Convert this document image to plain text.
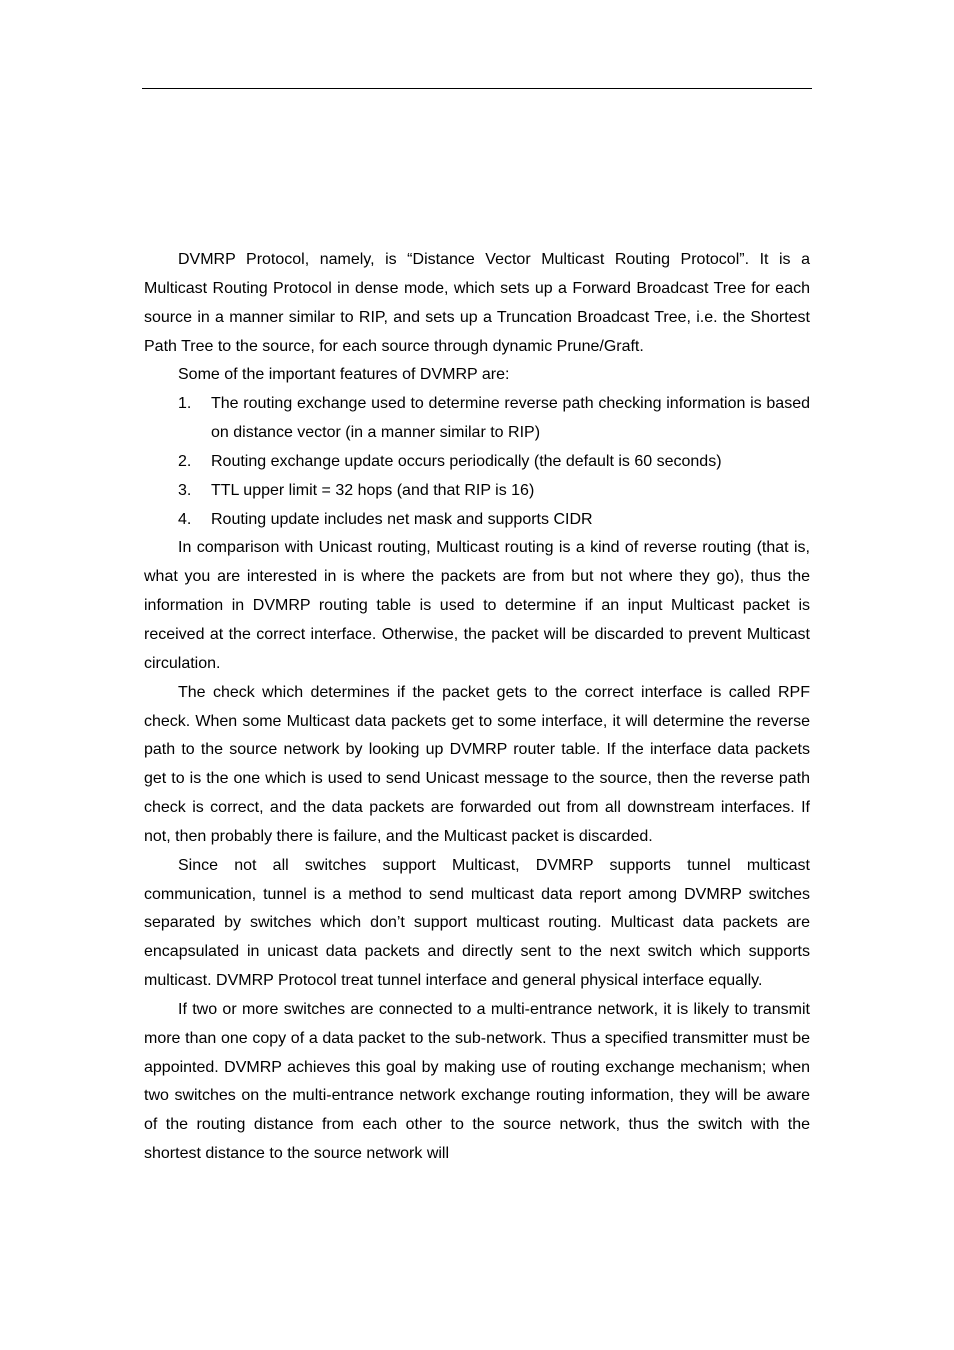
DVMRP Protocol, namely, is “Distance Vector Multicast Routing Protocol”. It is a Multicast Routing Protocol in dense mode, which sets up a Forward Broadcast Tree for each source in a manner similar to RIP, and sets up a Truncation Broadcast Tree, i.e. the Shortest Path Tree to the source, for each source through dynamic Prune/Graft.

Some of the important features of DVMRP are:

1. The routing exchange used to determine reverse path checking information is based on distance vector (in a manner similar to RIP)
2. Routing exchange update occurs periodically (the default is 60 seconds)
3. TTL upper limit = 32 hops (and that RIP is 16)
4. Routing update includes net mask and supports CIDR

In comparison with Unicast routing, Multicast routing is a kind of reverse routing (that is, what you are interested in is where the packets are from but not where they go), thus the information in DVMRP routing table is used to determine if an input Multicast packet is received at the correct interface. Otherwise, the packet will be discarded to prevent Multicast circulation.

The check which determines if the packet gets to the correct interface is called RPF check. When some Multicast data packets get to some interface, it will determine the reverse path to the source network by looking up DVMRP router table. If the interface data packets get to is the one which is used to send Unicast message to the source, then the reverse path check is correct, and the data packets are forwarded out from all downstream interfaces. If not, then probably there is failure, and the Multicast packet is discarded.

Since not all switches support Multicast, DVMRP supports tunnel multicast communication, tunnel is a method to send multicast data report among DVMRP switches separated by switches which don’t support multicast routing. Multicast data packets are encapsulated in unicast data packets and directly sent to the next switch which supports multicast. DVMRP Protocol treat tunnel interface and general physical interface equally.

If two or more switches are connected to a multi-entrance network, it is likely to transmit more than one copy of a data packet to the sub-network. Thus a specified transmitter must be appointed. DVMRP achieves this goal by making use of routing exchange mechanism; when two switches on the multi-entrance network exchange routing information, they will be aware of the routing distance from each other to the source network, thus the switch with the shortest distance to the source network will
